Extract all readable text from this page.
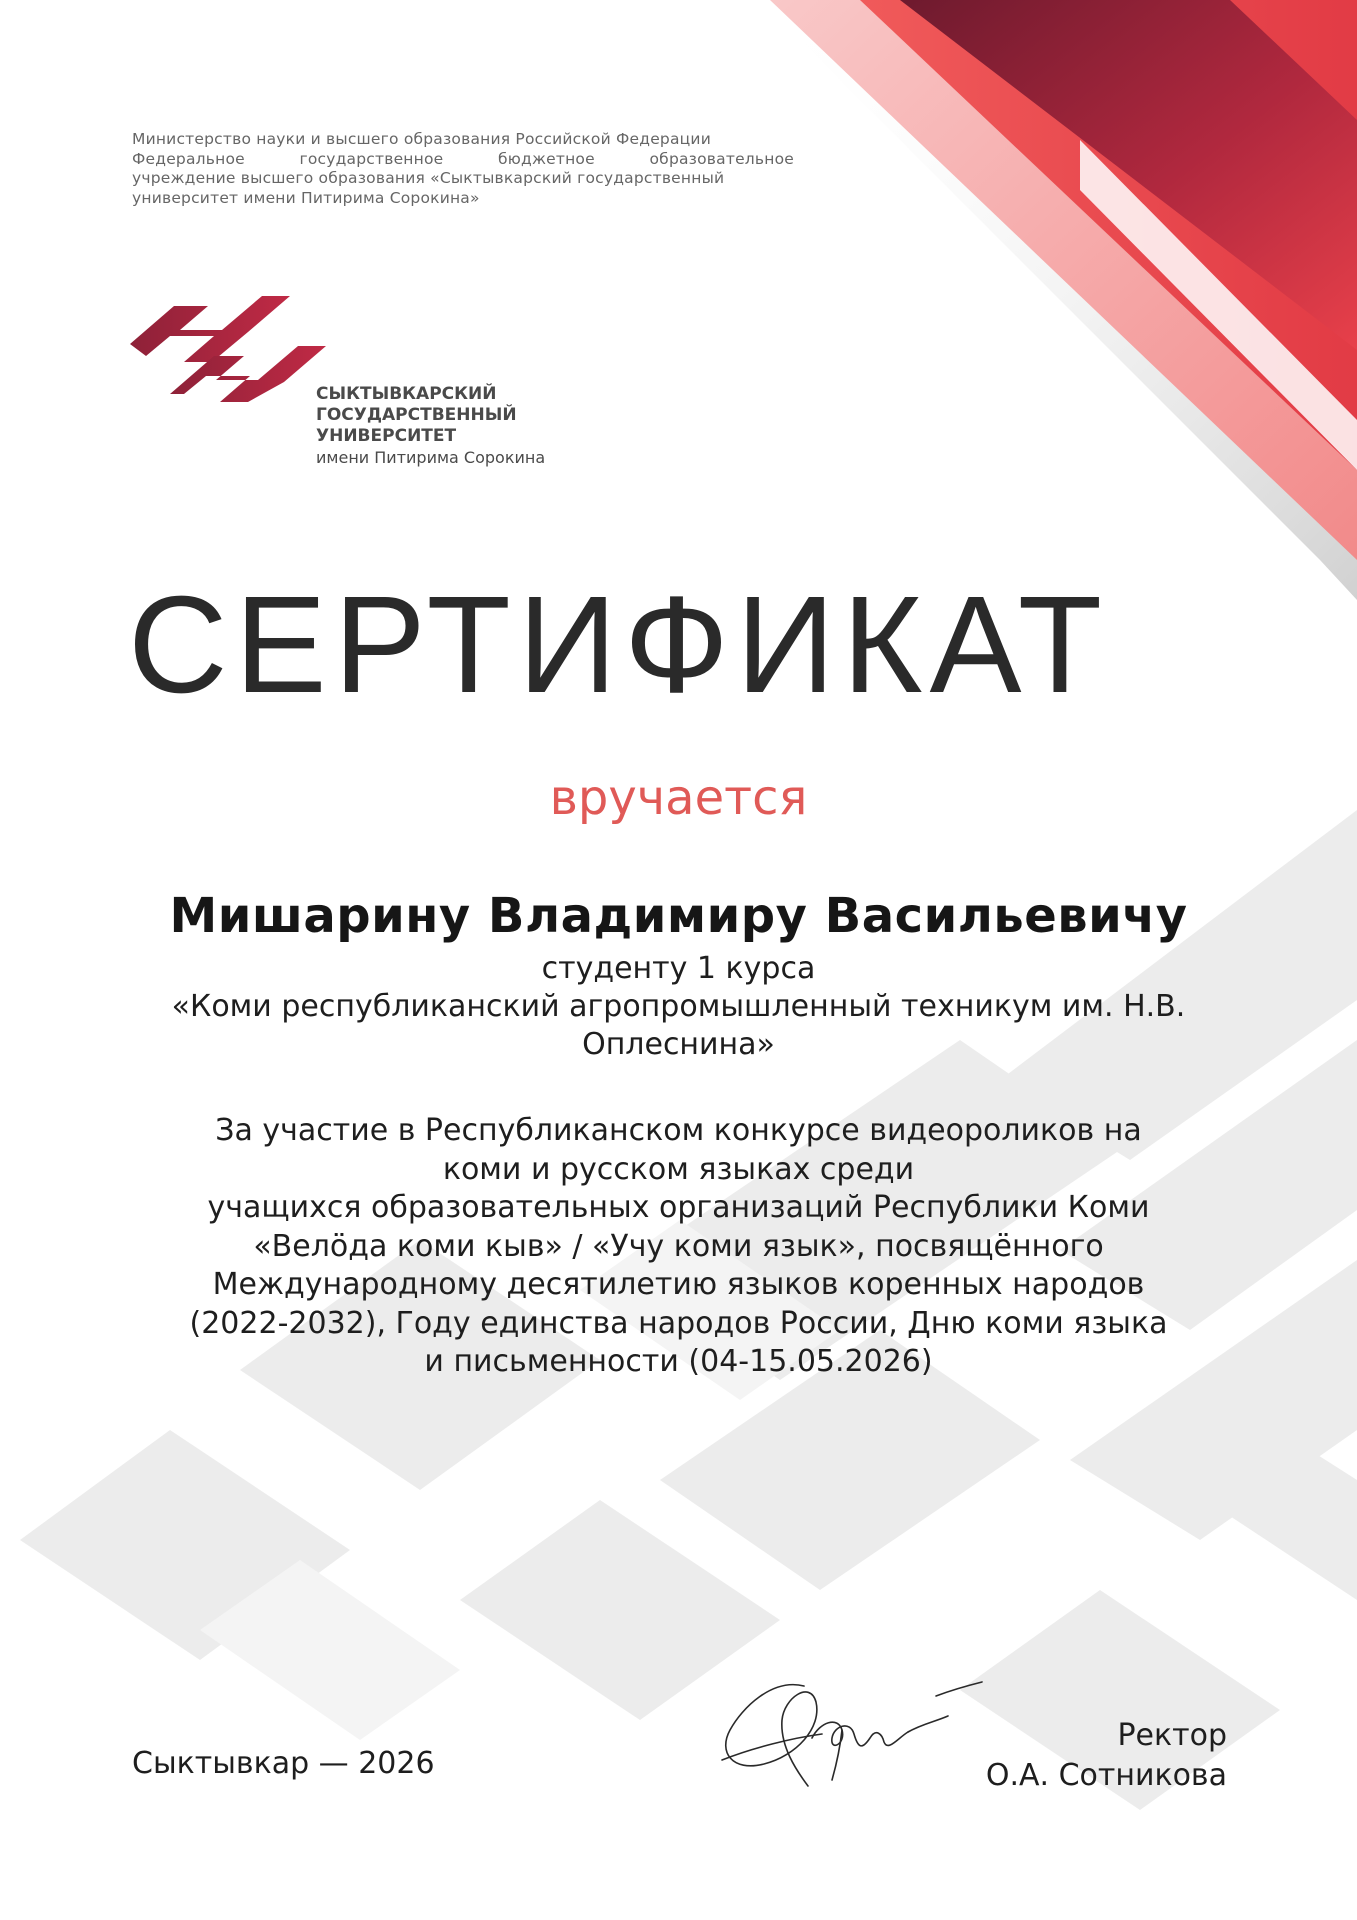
Министерство науки и высшего образования Российской Федерации
Федеральное государственное бюджетное образовательное
учреждение высшего образования «Сыктывкарский государственный
университет имени Питирима Сорокина»
СЫКТЫВКАРСКИЙ
ГОСУДАРСТВЕННЫЙ
УНИВЕРСИТЕТ
имени Питирима Сорокина
СЕРТИФИКАТ
вручается
Мишарину Владимиру Васильевичу
студенту 1 курса
«Коми республиканский агропромышленный техникум им. Н.В.
Оплеснина»
За участие в Республиканском конкурсе видеороликов на
коми и русском языках среди
учащихся образовательных организаций Республики Коми
«Велӧда коми кыв» / «Учу коми язык», посвящённого
Международному десятилетию языков коренных народов
(2022-2032), Году единства народов России, Дню коми языка
и письменности (04-15.05.2026)
Сыктывкар — 2026
Ректор
О.А. Сотникова
